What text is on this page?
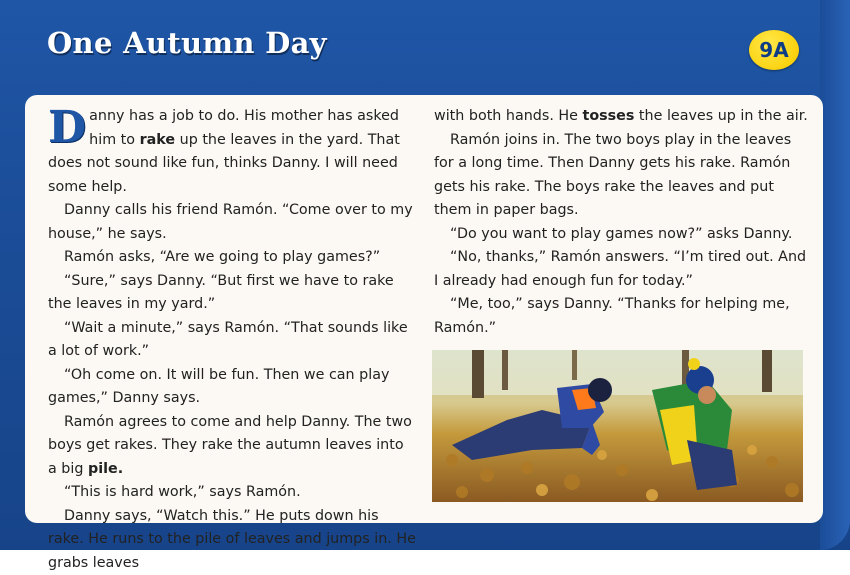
One Autumn Day	9A

Danny has a job to do. His mother has asked him to rake up the leaves in the yard. That does not sound like fun, thinks Danny. I will need some help.

Danny calls his friend Ramón. “Come over to my house,” he says.

Ramón asks, “Are we going to play games?”

“Sure,” says Danny. “But first we have to rake the leaves in my yard.”

“Wait a minute,” says Ramón. “That sounds like a lot of work.”

“Oh come on. It will be fun. Then we can play games,” Danny says.

Ramón agrees to come and help Danny. The two boys get rakes. They rake the autumn leaves into a big pile.

“This is hard work,” says Ramón.

Danny says, “Watch this.” He puts down his rake. He runs to the pile of leaves and jumps in. He grabs leaves

with both hands. He tosses the leaves up in the air.

Ramón joins in. The two boys play in the leaves for a long time. Then Danny gets his rake. Ramón gets his rake. The boys rake the leaves and put them in paper bags.

“Do you want to play games now?” asks Danny.

“No, thanks,” Ramón answers. “I’m tired out. And I already had enough fun for today.”

“Me, too,” says Danny. “Thanks for helping me, Ramón.”
